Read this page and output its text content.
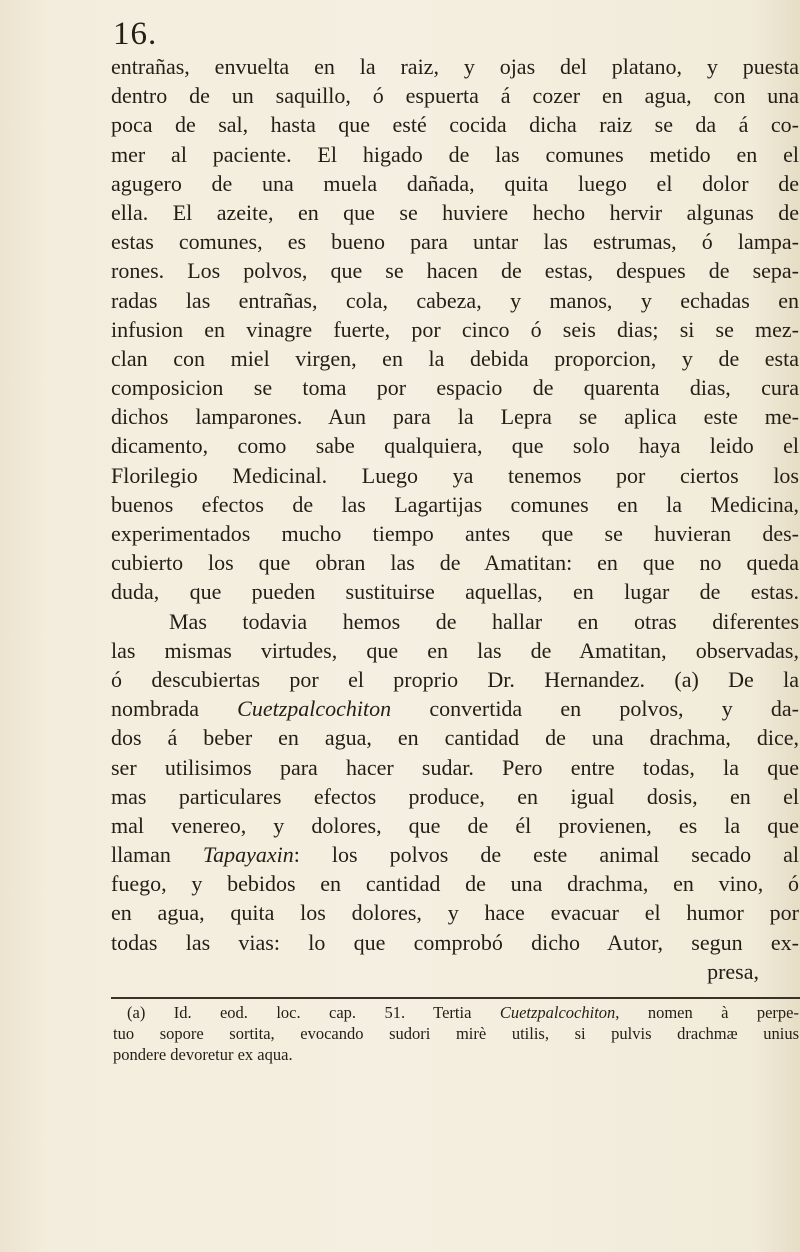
16.
entrañas, envuelta en la raiz, y ojas del platano, y puesta
dentro de un saquillo, ó espuerta á cozer en agua, con una
poca de sal, hasta que esté cocida dicha raiz se da á co-
mer al paciente. El higado de las comunes metido en el
agugero de una muela dañada, quita luego el dolor de
ella. El azeite, en que se huviere hecho hervir algunas de
estas comunes, es bueno para untar las estrumas, ó lampa-
rones. Los polvos, que se hacen de estas, despues de sepa-
radas las entrañas, cola, cabeza, y manos, y echadas en
infusion en vinagre fuerte, por cinco ó seis dias; si se mez-
clan con miel virgen, en la debida proporcion, y de esta
composicion se toma por espacio de quarenta dias, cura
dichos lamparones. Aun para la Lepra se aplica este me-
dicamento, como sabe qualquiera, que solo haya leido el
Florilegio Medicinal. Luego ya tenemos por ciertos los
buenos efectos de las Lagartijas comunes en la Medicina,
experimentados mucho tiempo antes que se huvieran des-
cubierto los que obran las de Amatitan: en que no queda
duda, que pueden sustituirse aquellas, en lugar de estas.
Mas todavia hemos de hallar en otras diferentes
las mismas virtudes, que en las de Amatitan, observadas,
ó descubiertas por el proprio Dr. Hernandez. (a) De la
nombrada Cuetzpalcochiton convertida en polvos, y da-
dos á beber en agua, en cantidad de una drachma, dice,
ser utilisimos para hacer sudar. Pero entre todas, la que
mas particulares efectos produce, en igual dosis, en el
mal venereo, y dolores, que de él provienen, es la que
llaman Tapayaxin: los polvos de este animal secado al
fuego, y bebidos en cantidad de una drachma, en vino, ó
en agua, quita los dolores, y hace evacuar el humor por
todas las vias: lo que comprobó dicho Autor, segun ex-
presa,
(a) Id. eod. loc. cap. 51. Tertia Cuetzpalcochiton, nomen à perpe-
tuo sopore sortita, evocando sudori mirè utilis, si pulvis drachmæ unius
pondere devoretur ex aqua.
